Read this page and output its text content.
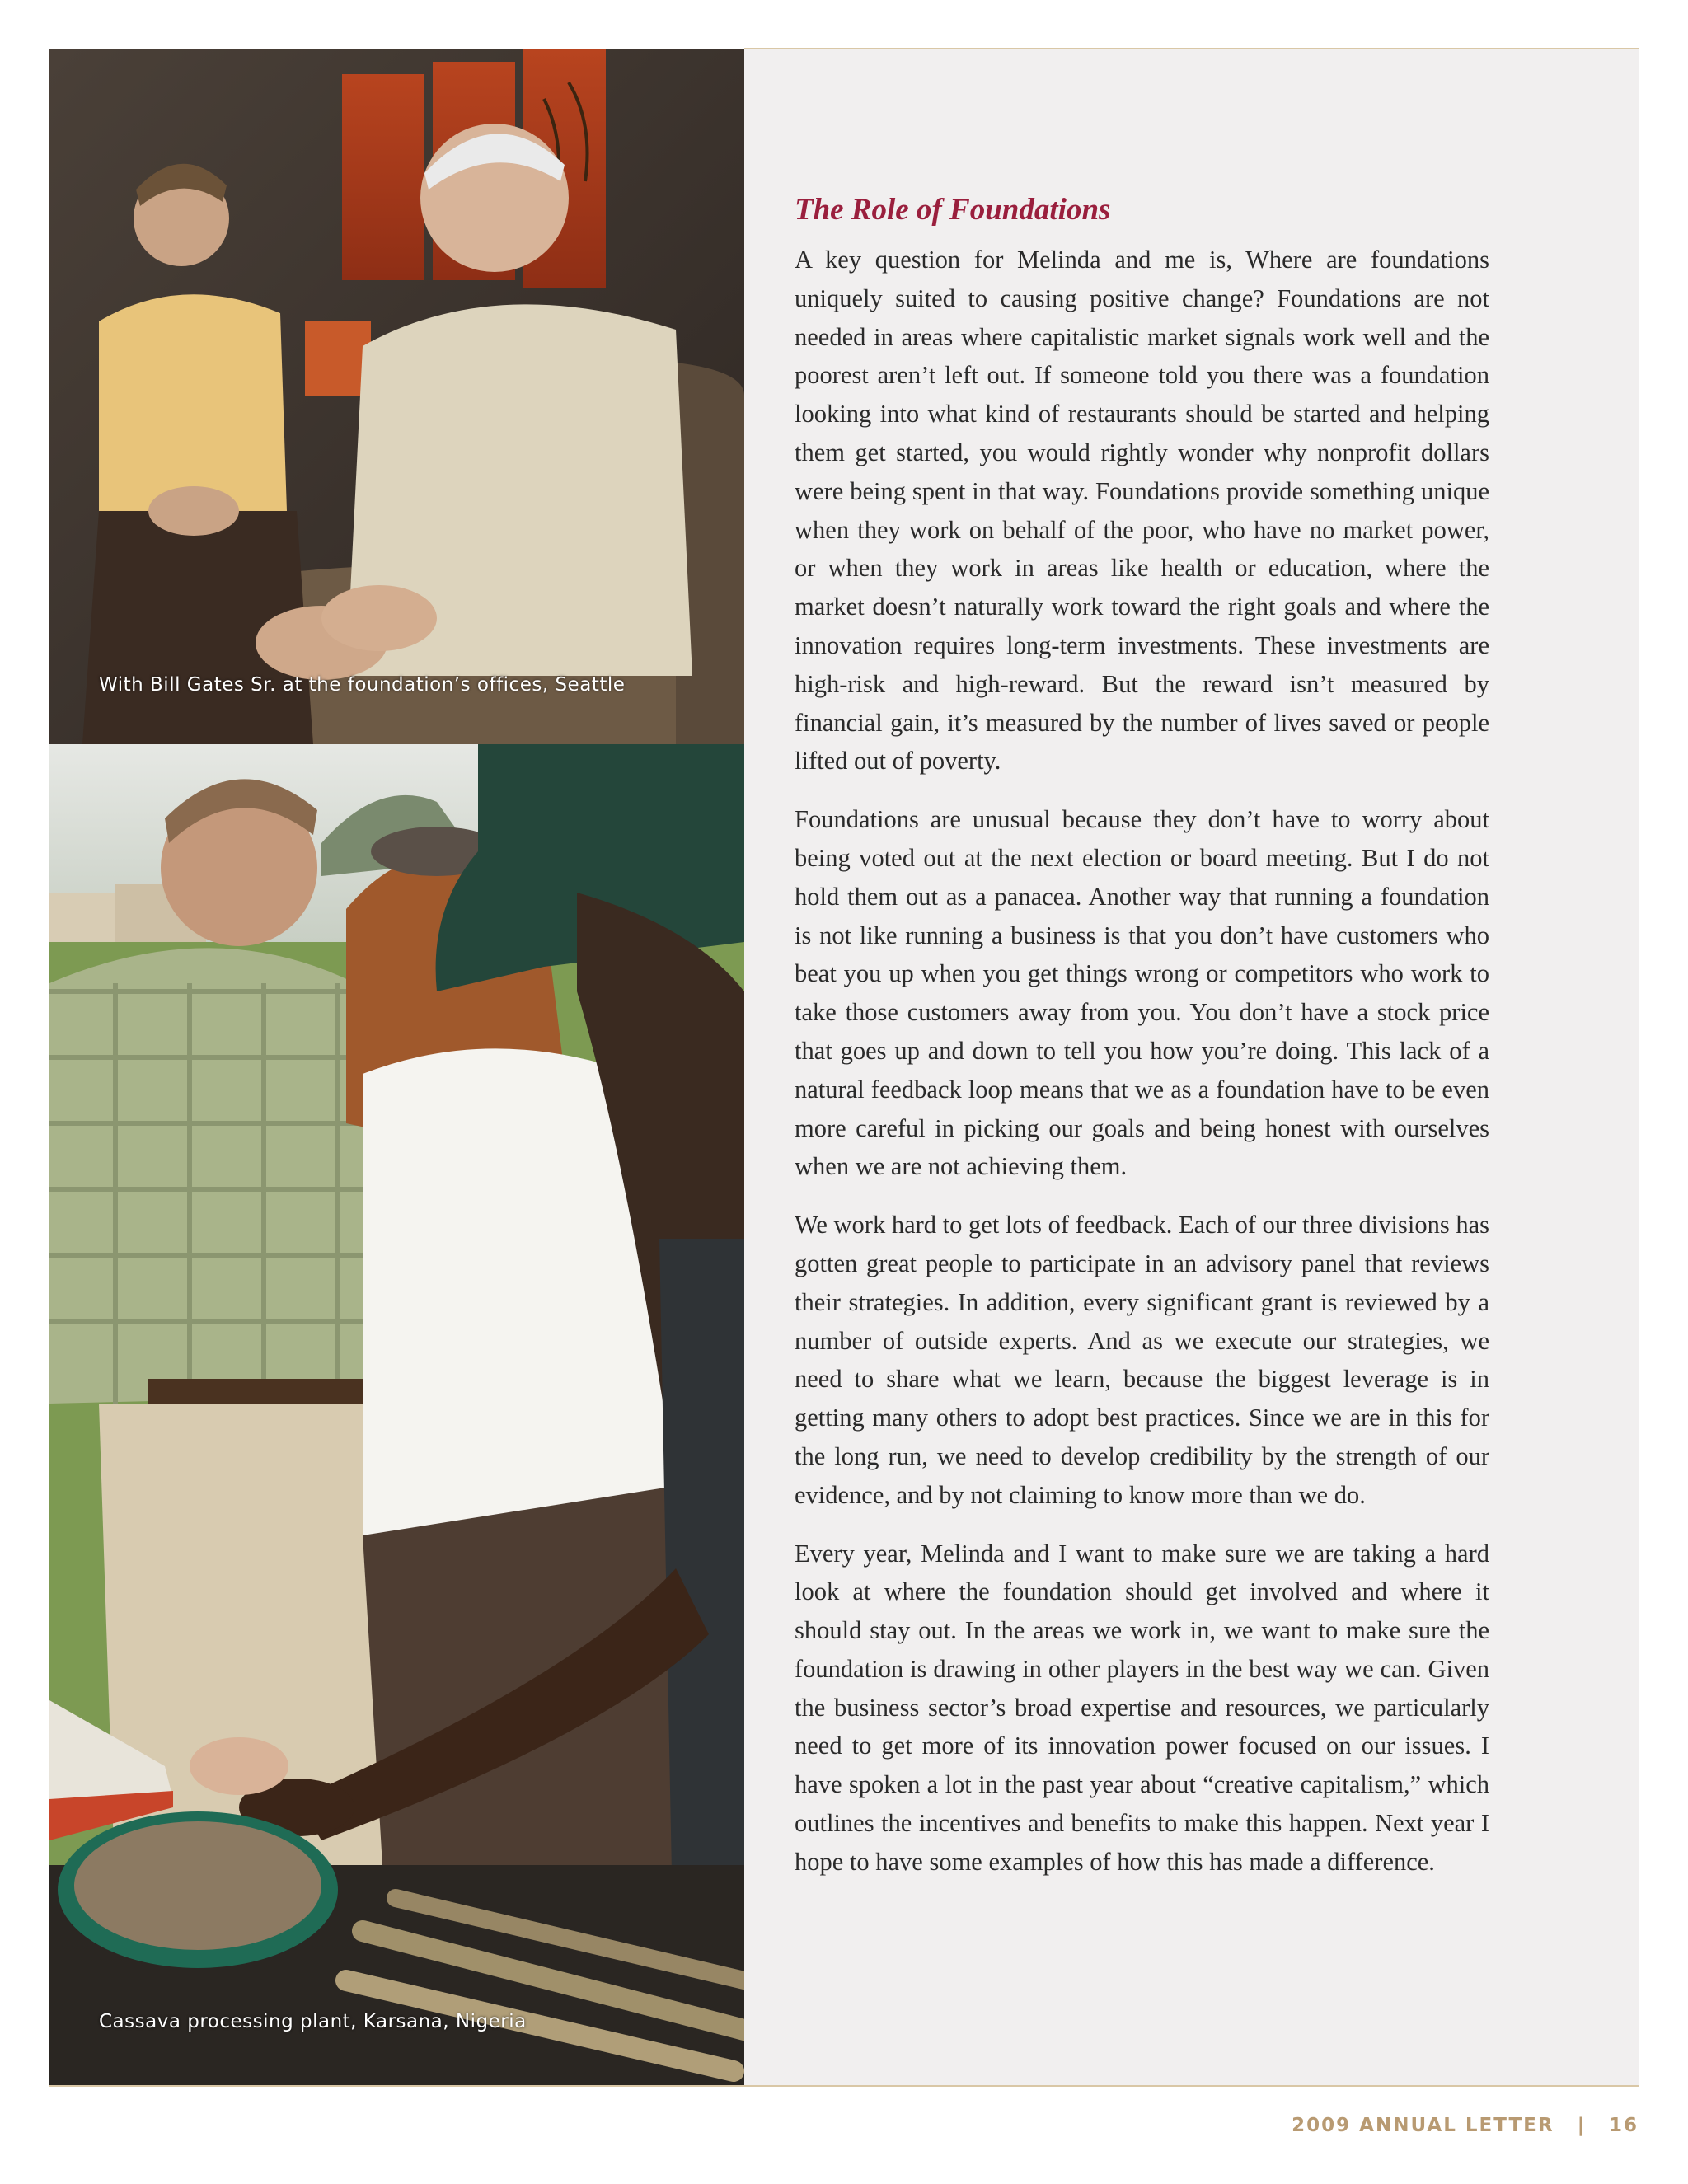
With Bill Gates Sr. at the foundation’s offices, Seattle
Cassava processing plant, Karsana, Nigeria
The Role of Foundations

A key question for Melinda and me is, Where are foundations uniquely suited to causing positive change? Foundations are not needed in areas where capitalistic market signals work well and the poorest aren’t left out. If someone told you there was a foundation looking into what kind of restaurants should be started and helping them get started, you would rightly wonder why nonprofit dollars were being spent in that way. Foundations provide something unique when they work on behalf of the poor, who have no market power, or when they work in areas like health or education, where the market doesn’t naturally work toward the right goals and where the innovation requires long-term investments. These investments are high-risk and high-reward. But the reward isn’t measured by financial gain, it’s measured by the number of lives saved or people lifted out of poverty.

Foundations are unusual because they don’t have to worry about being voted out at the next election or board meeting. But I do not hold them out as a panacea. Another way that running a foundation is not like running a business is that you don’t have customers who beat you up when you get things wrong or competitors who work to take those customers away from you. You don’t have a stock price that goes up and down to tell you how you’re doing. This lack of a natural feedback loop means that we as a foundation have to be even more careful in picking our goals and being honest with ourselves when we are not achieving them.

We work hard to get lots of feedback. Each of our three divisions has gotten great people to participate in an advisory panel that reviews their strategies. In addition, every significant grant is reviewed by a number of outside experts. And as we execute our strategies, we need to share what we learn, because the biggest leverage is in getting many others to adopt best practices. Since we are in this for the long run, we need to develop credibility by the strength of our evidence, and by not claiming to know more than we do.

Every year, Melinda and I want to make sure we are taking a hard look at where the foundation should get involved and where it should stay out. In the areas we work in, we want to make sure the foundation is drawing in other players in the best way we can. Given the business sector’s broad expertise and resources, we particularly need to get more of its innovation power focused on our issues. I have spoken a lot in the past year about “creative capitalism,” which outlines the incentives and benefits to make this happen. Next year I hope to have some examples of how this has made a difference.

2009 ANNUAL LETTER | 16
